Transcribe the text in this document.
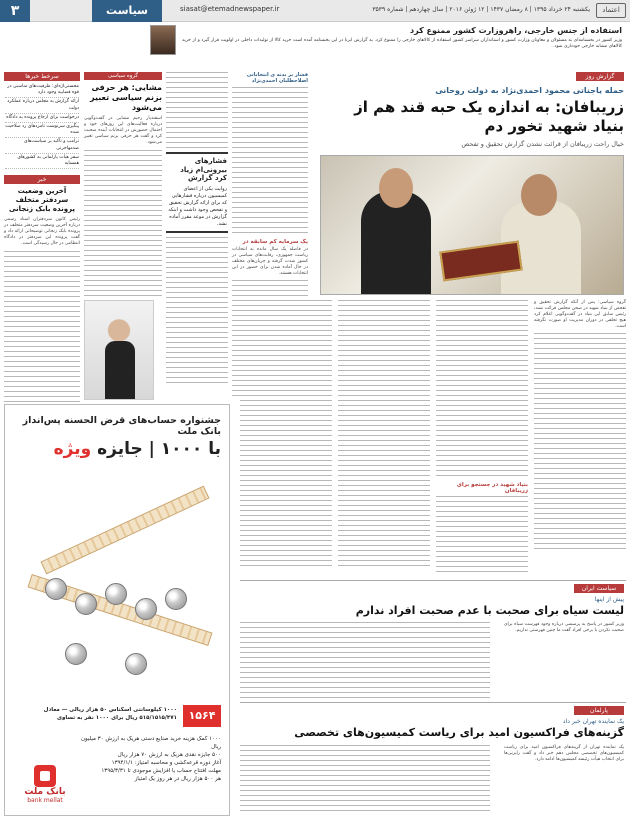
۳	سیاست	siasat@etemadnewspaper.ir	یکشنبه ۲۴ خرداد ۱۳۹۵ | ۸ رمضان ۱۴۳۷ | ۱۲ ژوئن ۲۰۱۶ | سال چهاردهم | شماره ۳۵۳۹	اعتماد
استفاده از جنس خارجی، راهروزارت کشور ممنوع کرد
وزیر کشور در بخشنامه‌ای به مسئولان و معاونان وزارت کشور و استانداران سراسر کشور استفاده از کالاهای خارجی را ممنوع کرد. به گزارش ایرنا در این بخشنامه آمده است خرید کالا از تولیدات داخلی در اولویت قرار گیرد و از خرید کالاهای مشابه خارجی خودداری شود.
سرخط خبرها
محسنی‌اژه‌ای: ظرفیت‌های مناسبی در قوه قضاییه وجود دارد
ارائه گزارش به مجلس درباره عملکرد دولت
درخواست برای ارجاع پرونده به دادگاه
پیگیری سرنوشت نامزدهای رد صلاحیت شده
ترامپ و تأکید بر سیاست‌های ضدمهاجرتی
سفر هیات پارلمانی به کشورهای همسایه
خبر
آخرین وضعیت سردفتر متخلف پرونده بابک زنجانی
رئیس کانون سردفتران اسناد رسمی درباره آخرین وضعیت سردفتر متخلف در پرونده بابک زنجانی توضیحاتی ارائه داد و گفت پرونده این سردفتر در دادگاه انتظامی در حال رسیدگی است.
گروه سیاسی
مشایی: هر حرفی بزنم سیاسی تعبیر می‌شود
اسفندیار رحیم مشایی در گفت‌وگویی درباره فعالیت‌های این روزهای خود و احتمال حضورش در انتخابات آینده صحبت کرد و گفت هر حرفی بزنم سیاسی تعبیر می‌شود.
فشارهای بیرونی‌ام زیاد کرد گزارش
روایت یکی از اعضای کمیسیون درباره فشارهایی که برای ارائه گزارش تحقیق و تفحص وجود داشت و اینکه گزارش در موعد مقرر آماده نشد.
فشار بر بدنه ی انتخاباتی اصلاحطلبان احمدی‌نژاد
یک سرمایه کم سابقه در
در فاصله یک سال مانده به انتخابات ریاست جمهوری، رقابت‌های سیاسی در کشور شدت گرفته و جریان‌های مختلف در حال آماده شدن برای حضور در این انتخابات هستند.
گزارش روز
حمله یاجناتی محمود احمدی‌نژاد به دولت روحانی
زریبافان: به اندازه یک حبه قند هم از بنیاد شهید تخور دم
خیال راحت زریبافان از قرائت نشدن گزارش تحقیق و تفحص
گروه سیاسی: پس از آنکه گزارش تحقیق و تفحص از بنیاد شهید در صحن مجلس قرائت نشد، رئیس سابق این بنیاد در گفت‌وگویی اعلام کرد هیچ تخلفی در دوران مدیریت او صورت نگرفته است.
بنیاد شهید در جستجو برای زریبافان
جشنواره حساب‌های قرض الحسنه پس‌انداز بانک ملت
با ۱۰۰۰ | جایزه ویژه
۱۵۶۴
۱۰۰۰ کیلوسانتی اسکناس ۵۰ هزار ریالی — معادل ۵۱۵/۱۵۱۵/۴۷۱ ریال برای ۱۰۰۰ نفر به تساوی
۱۰۰۰ کمک هزینه خرید صنایع دستی هریک به ارزش ۳۰ میلیون ریال
۵۰۰ جایزه نقدی هریک به ارزش ۷۰ هزار ریال
آغاز دوره قرعه‌کشی و محاسبه امتیاز: ۱۳۹۴/۱/۱
مهلت افتتاح حساب یا افزایش موجودی تا ۱۳۹۵/۳/۳۱
هر ۵۰۰ هزار ریال در هر روز یک امتیاز
بانک ملت
bank mellat
سیاست ایران
پیش از اینها
لیست سیاه برای صحبت با عدم صحبت افراد ندارم
وزیر کشور در پاسخ به پرسشی درباره وجود فهرست سیاه برای صحبت نکردن با برخی افراد گفت ما چنین فهرستی نداریم.
پارلمان
یک نماینده تهران خبر داد
گزینه‌های فراکسیون امید برای ریاست کمیسیون‌های تخصصی
یک نماینده تهران از گزینه‌های فراکسیون امید برای ریاست کمیسیون‌های تخصصی مجلس دهم خبر داد و گفت رایزنی‌ها برای انتخاب هیأت رئیسه کمیسیون‌ها ادامه دارد.
